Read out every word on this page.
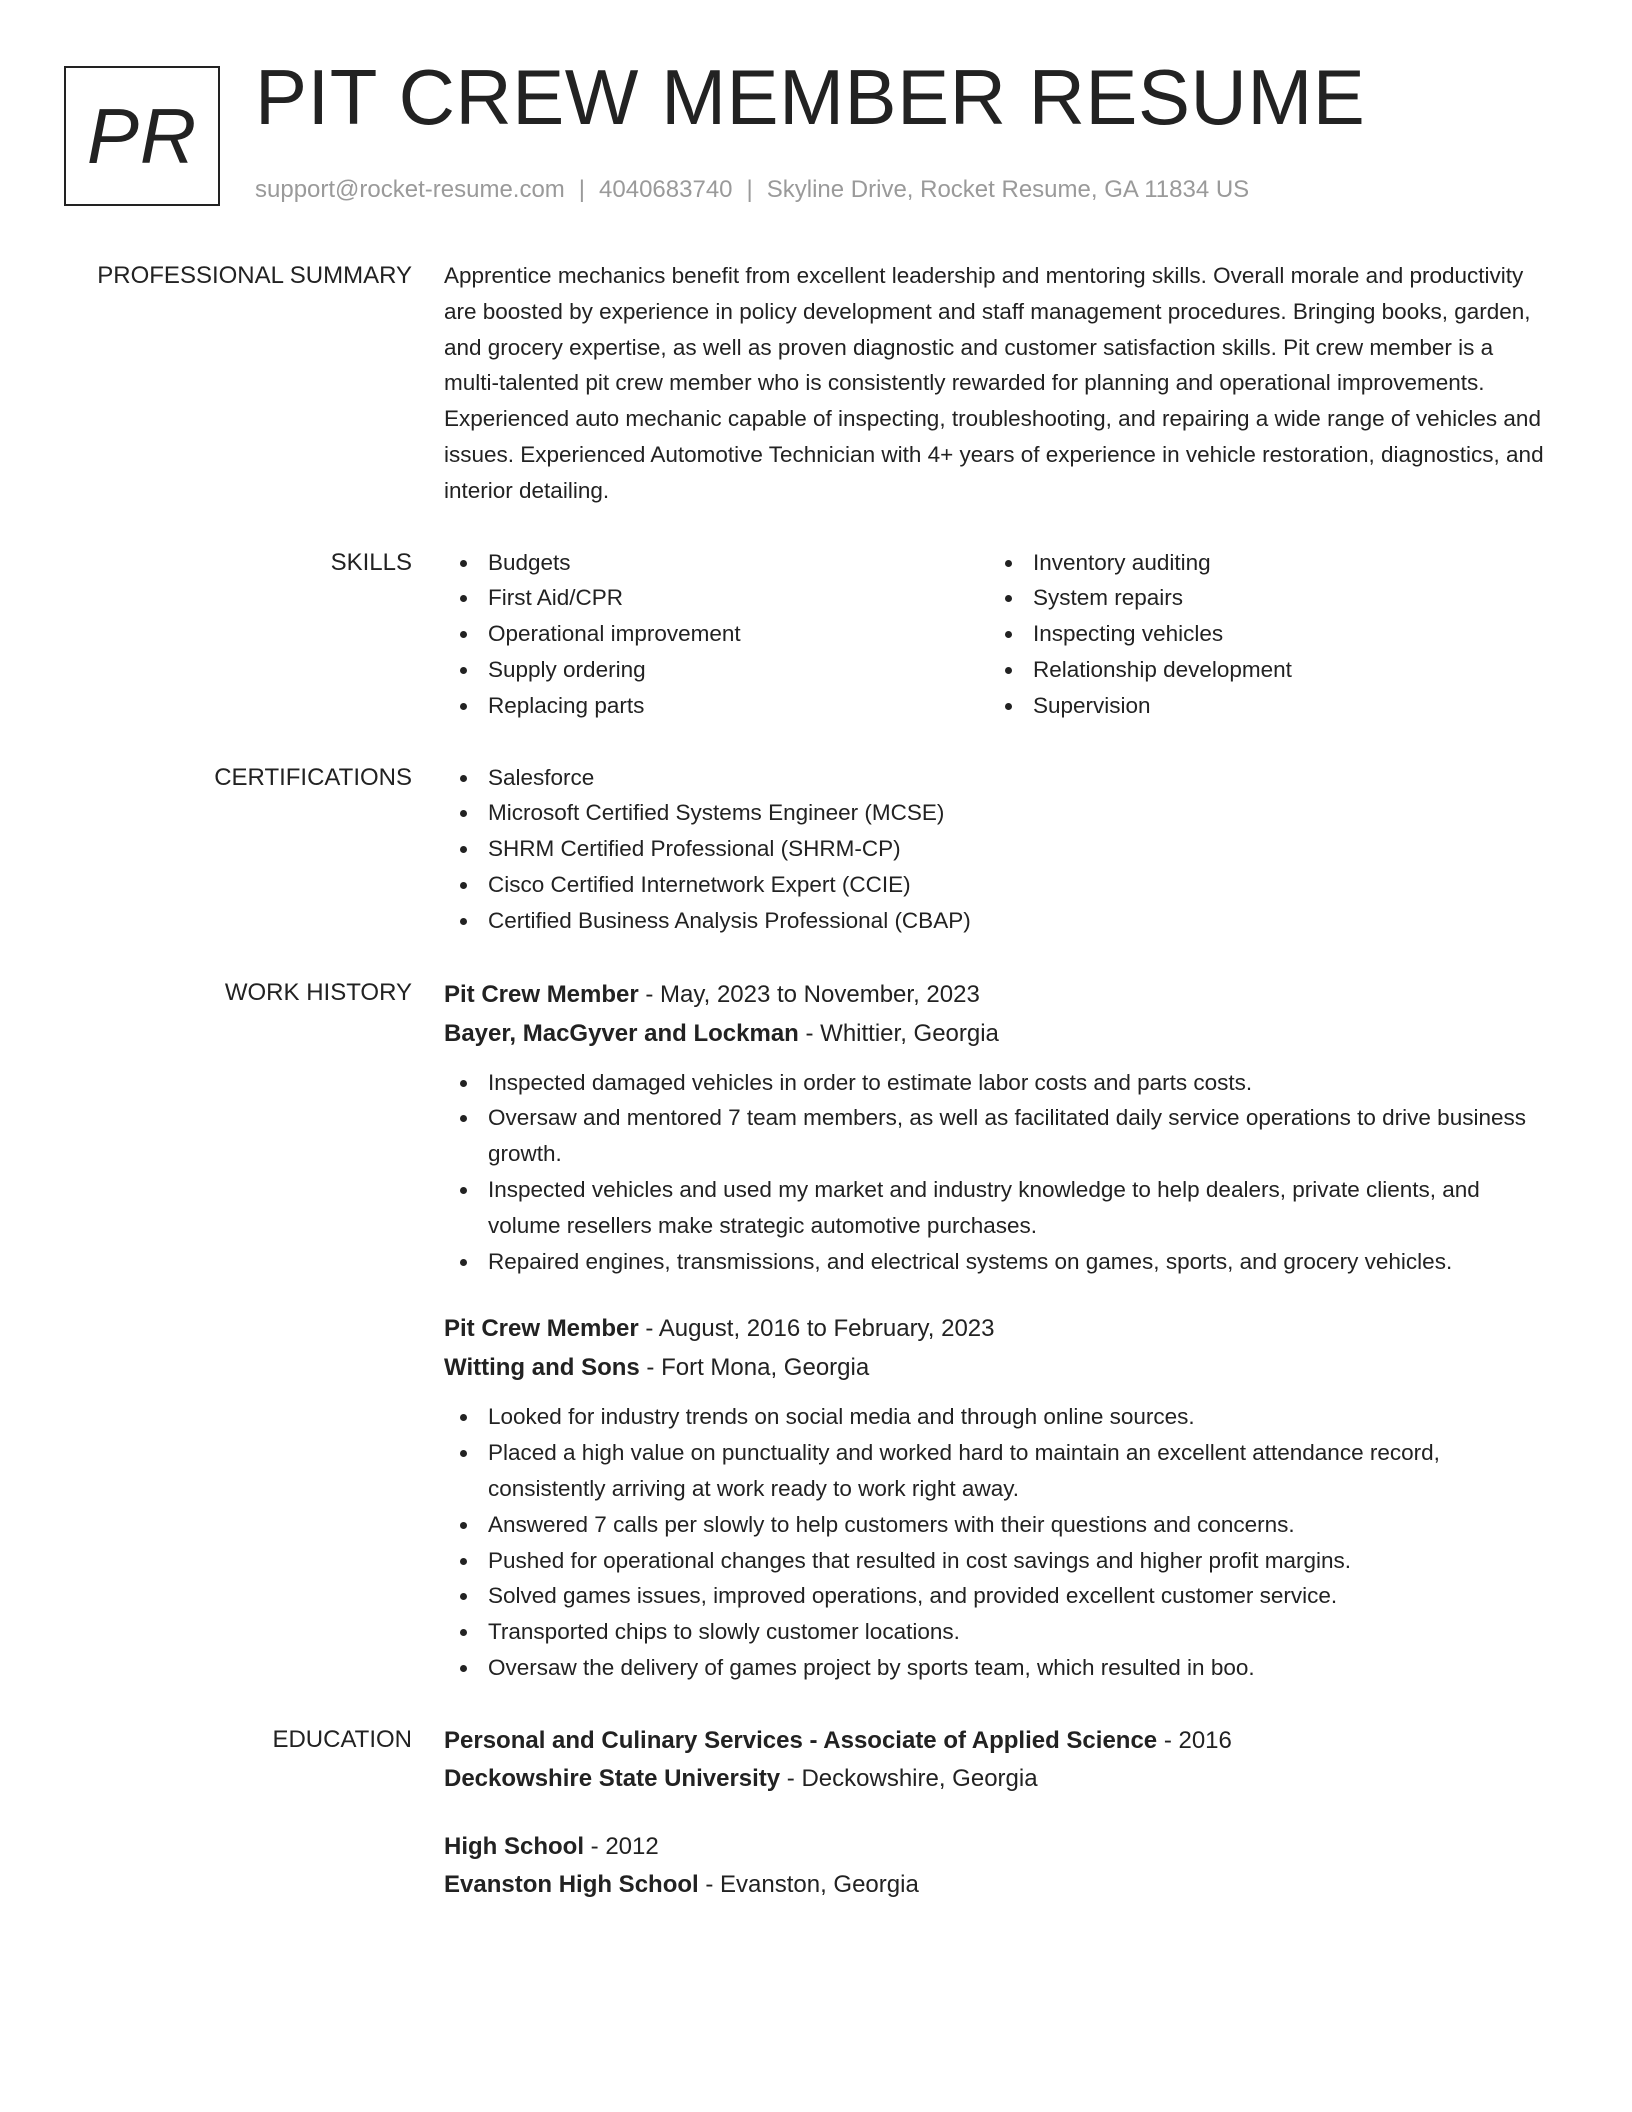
PR PIT CREW MEMBER RESUME
support@rocket-resume.com | 4040683740 | Skyline Drive, Rocket Resume, GA 11834 US
PROFESSIONAL SUMMARY Apprentice mechanics benefit from excellent leadership and mentoring skills. Overall morale and productivity are boosted by experience in policy development and staff management procedures. Bringing books, garden, and grocery expertise, as well as proven diagnostic and customer satisfaction skills. Pit crew member is a multi-talented pit crew member who is consistently rewarded for planning and operational improvements. Experienced auto mechanic capable of inspecting, troubleshooting, and repairing a wide range of vehicles and issues. Experienced Automotive Technician with 4+ years of experience in vehicle restoration, diagnostics, and interior detailing.

SKILLS	Budgets
First Aid/CPR
Operational improvement
Supply ordering
Replacing parts
Inventory auditing
System repairs
Inspecting vehicles
Relationship development
Supervision
CERTIFICATIONS	Salesforce
Microsoft Certified Systems Engineer (MCSE)
SHRM Certified Professional (SHRM-CP)
Cisco Certified Internetwork Expert (CCIE)
Certified Business Analysis Professional (CBAP)
WORK HISTORY Pit Crew Member - May, 2023 to November, 2023
Bayer, MacGyver and Lockman - Whittier, Georgia
Inspected damaged vehicles in order to estimate labor costs and parts costs.
Oversaw and mentored 7 team members, as well as facilitated daily service operations to drive business growth.
Inspected vehicles and used my market and industry knowledge to help dealers, private clients, and volume resellers make strategic automotive purchases.
Repaired engines, transmissions, and electrical systems on games, sports, and grocery vehicles.
Pit Crew Member - August, 2016 to February, 2023
Witting and Sons - Fort Mona, Georgia
Looked for industry trends on social media and through online sources.
Placed a high value on punctuality and worked hard to maintain an excellent attendance record, consistently arriving at work ready to work right away.
Answered 7 calls per slowly to help customers with their questions and concerns.
Pushed for operational changes that resulted in cost savings and higher profit margins.
Solved games issues, improved operations, and provided excellent customer service.
Transported chips to slowly customer locations.
Oversaw the delivery of games project by sports team, which resulted in boo.
EDUCATION Personal and Culinary Services - Associate of Applied Science - 2016
Deckowshire State University - Deckowshire, Georgia
High School - 2012
Evanston High School - Evanston, Georgia
